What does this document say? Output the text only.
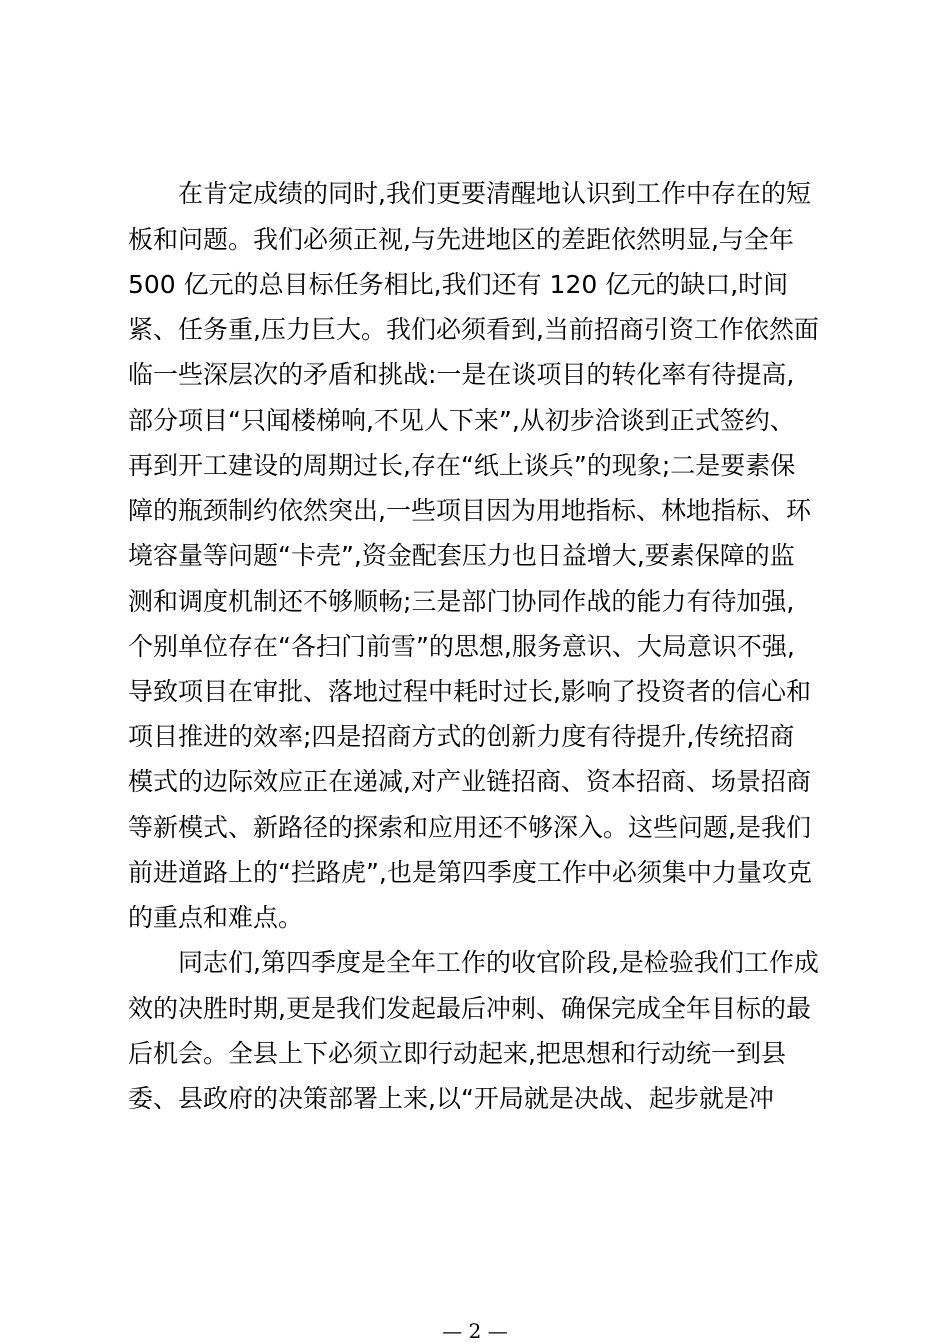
在肯定成绩的同时,我们更要清醒地认识到工作中存在的短
板和问题。我们必须正视,与先进地区的差距依然明显,与全年
500 亿元的总目标任务相比,我们还有 120 亿元的缺口,时间
紧、任务重,压力巨大。我们必须看到,当前招商引资工作依然面
临一些深层次的矛盾和挑战:一是在谈项目的转化率有待提高,
部分项目“只闻楼梯响,不见人下来”,从初步洽谈到正式签约、
再到开工建设的周期过长,存在“纸上谈兵”的现象;二是要素保
障的瓶颈制约依然突出,一些项目因为用地指标、林地指标、环
境容量等问题“卡壳”,资金配套压力也日益增大,要素保障的监
测和调度机制还不够顺畅;三是部门协同作战的能力有待加强,
个别单位存在“各扫门前雪”的思想,服务意识、大局意识不强,
导致项目在审批、落地过程中耗时过长,影响了投资者的信心和
项目推进的效率;四是招商方式的创新力度有待提升,传统招商
模式的边际效应正在递减,对产业链招商、资本招商、场景招商
等新模式、新路径的探索和应用还不够深入。这些问题,是我们
前进道路上的“拦路虎”,也是第四季度工作中必须集中力量攻克
的重点和难点。
同志们,第四季度是全年工作的收官阶段,是检验我们工作成
效的决胜时期,更是我们发起最后冲刺、确保完成全年目标的最
后机会。全县上下必须立即行动起来,把思想和行动统一到县
委、县政府的决策部署上来,以“开局就是决战、起步就是冲
— 2 —
